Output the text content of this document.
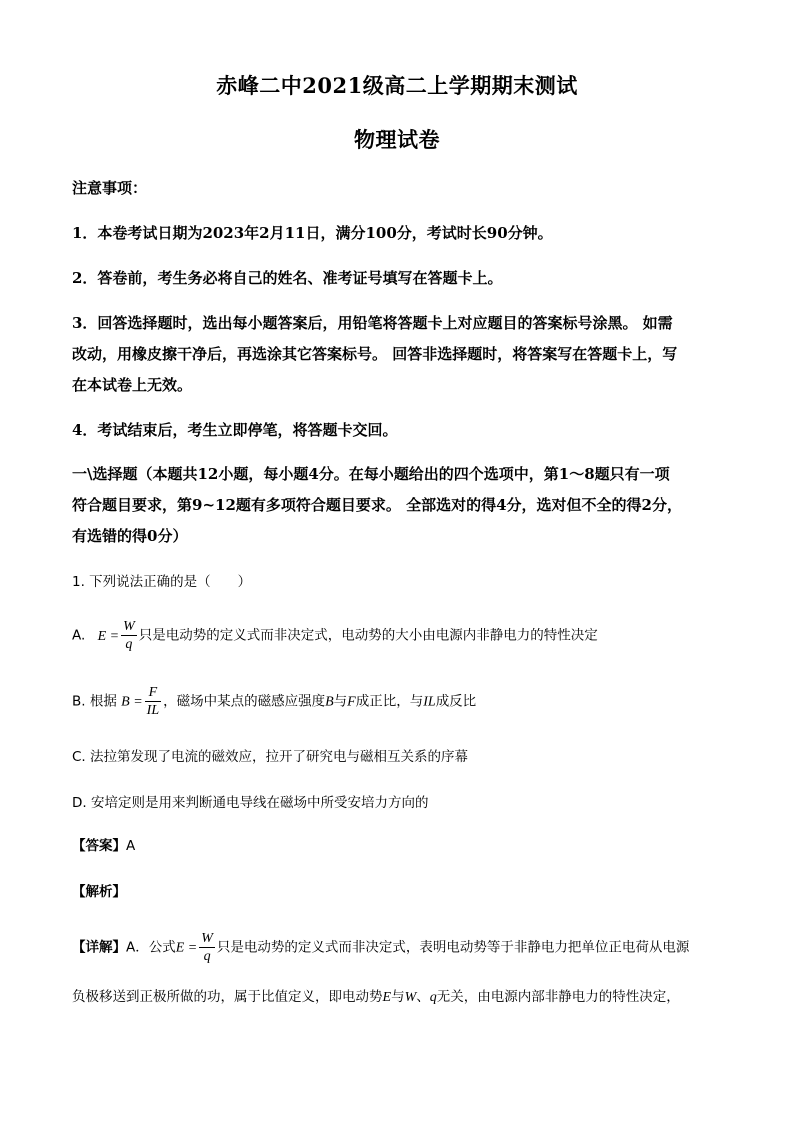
赤峰二中2021级高二上学期期末测试
物理试卷
注意事项：
1．本卷考试日期为2023年2月11日，满分100分，考试时长90分钟。
2．答卷前，考生务必将自己的姓名、准考证号填写在答题卡上。
3．回答选择题时，选出每小题答案后，用铅笔将答题卡上对应题目的答案标号涂黑。 如需
改动，用橡皮擦干净后，再选涂其它答案标号。 回答非选择题时，将答案写在答题卡上，写
在本试卷上无效。
4．考试结束后，考生立即停笔，将答题卡交回。
一\选择题（本题共12小题，每小题4分。在每小题给出的四个选项中，第1～8题只有一项
符合题目要求，第9~12题有多项符合题目要求。 全部选对的得4分，选对但不全的得2分，
有选错的得0分）
1. 下列说法正确的是（　　）
A. $E = \frac{W}{q}$ 只是电动势的定义式而非决定式，电动势的大小由电源内非静电力的特性决定
B. 根据 $B = \frac{F}{IL}$ ，磁场中某点的磁感应强度B与F成正比，与IL成反比
C. 法拉第发现了电流的磁效应，拉开了研究电与磁相互关系的序幕
D. 安培定则是用来判断通电导线在磁场中所受安培力方向的
【答案】A
【解析】
【详解】A．公式$E = \frac{W}{q}$ 只是电动势的定义式而非决定式，表明电动势等于非静电力把单位正电荷从电源
负极移送到正极所做的功，属于比值定义，即电动势E与W、q无关，由电源内部非静电力的特性决定，
